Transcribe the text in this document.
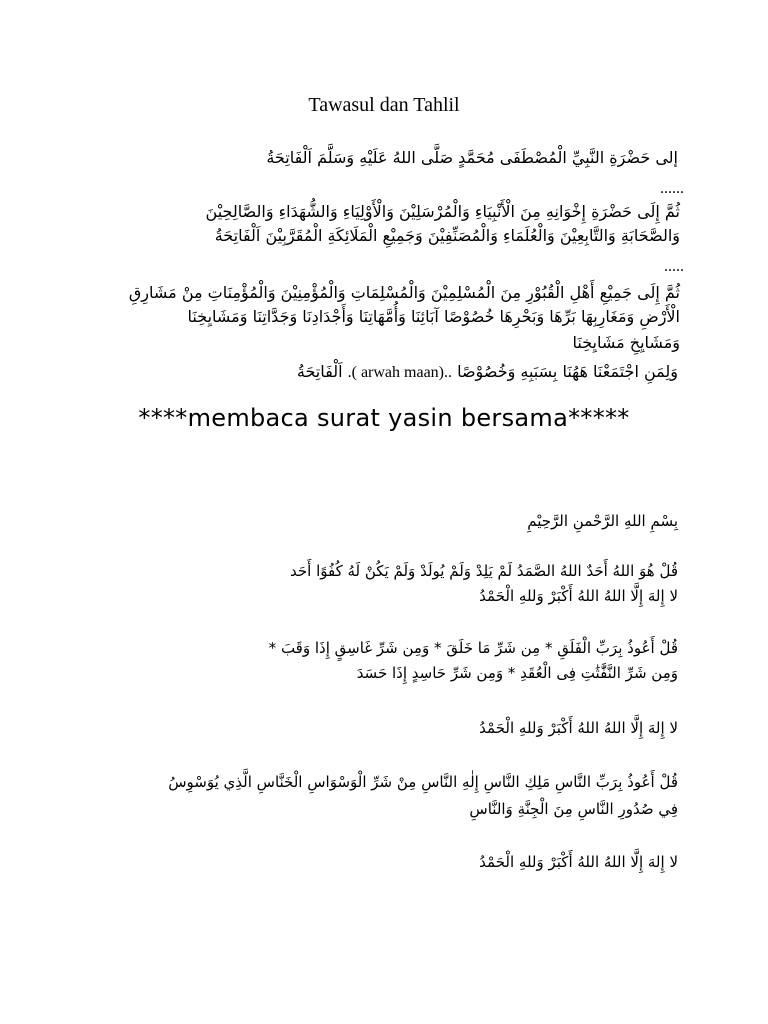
Tawasul dan Tahlil
إلى حَضْرَةِ النَّبِيِّ الْمُصْطَفَى مُحَمَّدٍ صَلَّى اللهُ عَلَيْهِ وَسَلَّمَ اَلْفَاتِحَةُ
......
ثُمَّ إِلَى حَضْرَةِ إِخْوَانِهِ مِنَ الْأَنْبِيَاءِ وَالْمُرْسَلِيْنَ وَالْأَوْلِيَاءِ وَالشُّهَدَاءِ وَالصَّالِحِيْنَ
وَالصَّحَابَةِ وَالتَّابِعِيْنَ وَالْعُلَمَاءِ وَالْمُصَنِّفِيْنَ وَجَمِيْعِ الْمَلَائِكَةِ الْمُقَرَّبِيْنَ اَلْفَاتِحَةُ
.....
ثُمَّ إِلَى جَمِيْعِ أَهْلِ الْقُبُوْرِ مِنَ الْمُسْلِمِيْنَ وَالْمُسْلِمَاتِ وَالْمُؤْمِنِيْنَ وَالْمُؤْمِنَاتِ مِنْ مَشَارِقِ
الْأَرْضِ وَمَغَارِبِهَا بَرِّهَا وَبَحْرِهَا خُصُوْصًا آبَائِنَا وَأُمَّهَاتِنَا وَأَجْدَادِنَا وَجَدَّاتِنَا وَمَشَايِخِنَا
وَمَشَايِخِ مَشَايِخِنَا
وَلِمَنِ اجْتَمَعْنَا هَهُنَا بِسَبَبِهِ وَخُصُوْصًا .( arwah maan).. اَلْفَاتِحَةُ
****membaca surat yasin bersama*****
بِسْمِ اللهِ الرَّحْمنِ الرَّحِيْمِ
قُلْ هُوَ اللهُ أَحَدٌ اللهُ الصَّمَدُ لَمْ يَلِدْ وَلَمْ يُولَدْ وَلَمْ يَكُنْ لَهُ كُفُوًا أَحَد
لا إِلهَ إِلَّا اللهُ اللهُ أَكْبَرْ وَللهِ الْحَمْدُ
قُلْ أَعُوذُ بِرَبِّ الْفَلَقِ * مِن شَرِّ مَا خَلَقَ * وَمِن شَرِّ غَاسِقٍ إِذَا وَقَبَ *
وَمِن شَرِّ النَّفَّٰثَٰتِ فِى الْعُقَدِ * وَمِن شَرِّ حَاسِدٍ إِذَا حَسَدَ
لا إِلهَ إِلَّا اللهُ اللهُ أَكْبَرْ وَللهِ الْحَمْدُ
قُلْ أَعُوذُ بِرَبِّ النَّاسِ مَلِكِ النَّاسِ إِلٰهِ النَّاسِ مِنْ شَرِّ الْوَسْوَاسِ الْخَنَّاسِ الَّذِي يُوَسْوِسُ
فِي صُدُورِ النَّاسِ مِنَ الْجِنَّةِ وَالنَّاسِ
لا إِلهَ إِلَّا اللهُ اللهُ أَكْبَرْ وَللهِ الْحَمْدُ
